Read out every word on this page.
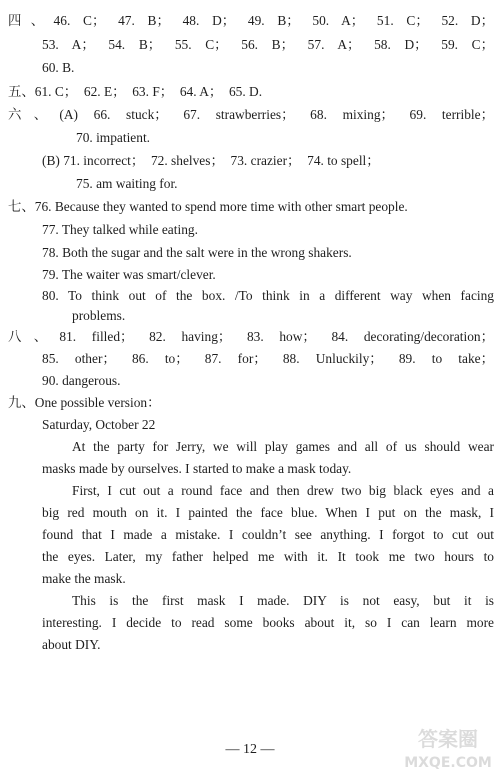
四、46. C； 47. B； 48. D； 49. B； 50. A； 51. C； 52. D；
53. A； 54. B； 55. C； 56. B； 57. A； 58. D； 59. C；
60. B.
五、61. C；  62. E；  63. F；  64. A；  65. D.
六、(A) 66. stuck； 67. strawberries； 68. mixing； 69. terrible；
70. impatient.
(B) 71. incorrect；  72. shelves；  73. crazier；  74. to spell；
75. am waiting for.
七、76. Because they wanted to spend more time with other smart people.
77. They talked while eating.
78. Both the sugar and the salt were in the wrong shakers.
79. The waiter was smart/clever.
80. To think out of the box. /To think in a different way when facing
problems.
八、81. filled； 82. having； 83. how； 84. decorating/decoration；
85. other； 86. to； 87. for； 88. Unluckily； 89. to take；
90. dangerous.
九、One possible version：
Saturday, October 22
At the party for Jerry, we will play games and all of us should wear
masks made by ourselves. I started to make a mask today.
First, I cut out a round face and then drew two big black eyes and a
big red mouth on it. I painted the face blue. When I put on the mask, I
found that I made a mistake. I couldn’t see anything. I forgot to cut out
the eyes. Later, my father helped me with it. It took me two hours to
make the mask.
This is the first mask I made. DIY is not easy, but it is
interesting. I decide to read some books about it, so I can learn more
about DIY.
— 12 —	答案圈
MXQE.COM
